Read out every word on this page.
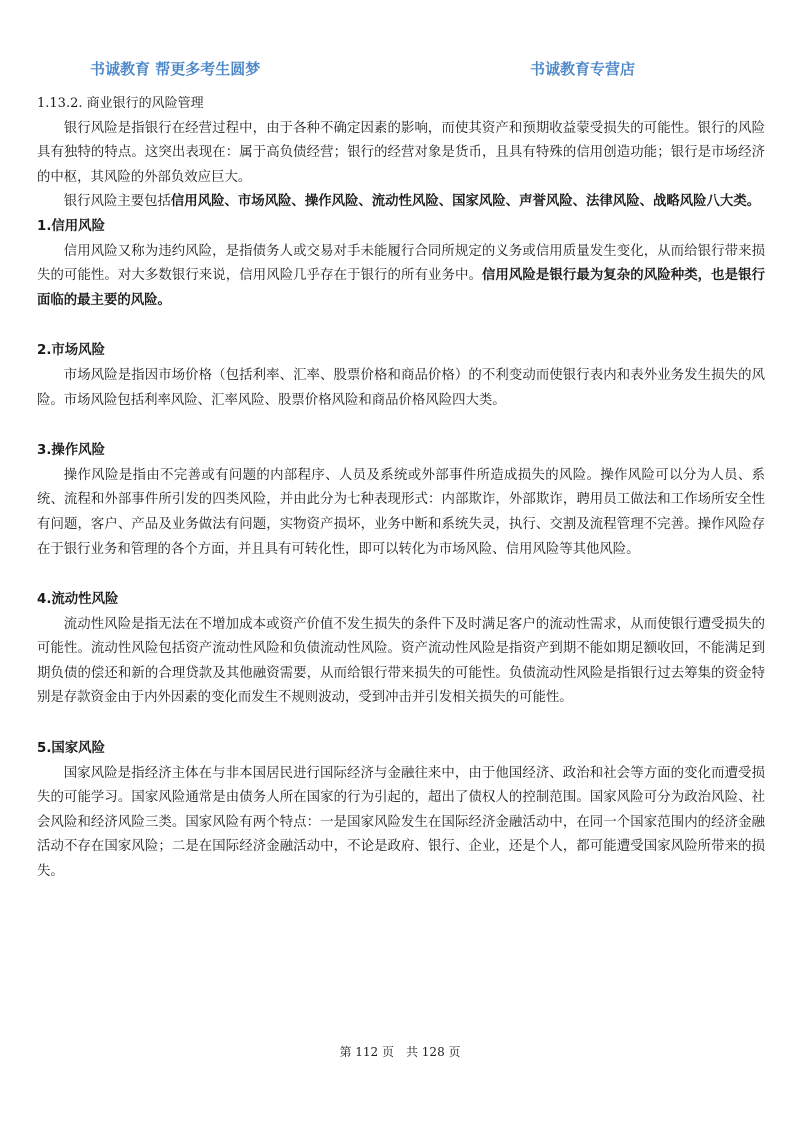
书诚教育 帮更多考生圆梦	书诚教育专营店
1.13.2. 商业银行的风险管理

银行风险是指银行在经营过程中，由于各种不确定因素的影响，而使其资产和预期收益蒙受损失的可能性。银行的风险具有独特的特点。这突出表现在：属于高负债经营；银行的经营对象是货币，且具有特殊的信用创造功能；银行是市场经济的中枢，其风险的外部负效应巨大。

银行风险主要包括信用风险、市场风险、操作风险、流动性风险、国家风险、声誉风险、法律风险、战略风险八大类。

1.信用风险

信用风险又称为违约风险，是指债务人或交易对手未能履行合同所规定的义务或信用质量发生变化，从而给银行带来损失的可能性。对大多数银行来说，信用风险几乎存在于银行的所有业务中。信用风险是银行最为复杂的风险种类，也是银行面临的最主要的风险。

2.市场风险

市场风险是指因市场价格（包括利率、汇率、股票价格和商品价格）的不利变动而使银行表内和表外业务发生损失的风险。市场风险包括利率风险、汇率风险、股票价格风险和商品价格风险四大类。

3.操作风险

操作风险是指由不完善或有问题的内部程序、人员及系统或外部事件所造成损失的风险。操作风险可以分为人员、系统、流程和外部事件所引发的四类风险，并由此分为七种表现形式：内部欺诈，外部欺诈，聘用员工做法和工作场所安全性有问题，客户、产品及业务做法有问题，实物资产损坏，业务中断和系统失灵，执行、交割及流程管理不完善。操作风险存在于银行业务和管理的各个方面，并且具有可转化性，即可以转化为市场风险、信用风险等其他风险。

4.流动性风险

流动性风险是指无法在不增加成本或资产价值不发生损失的条件下及时满足客户的流动性需求，从而使银行遭受损失的可能性。流动性风险包括资产流动性风险和负债流动性风险。资产流动性风险是指资产到期不能如期足额收回，不能满足到期负债的偿还和新的合理贷款及其他融资需要，从而给银行带来损失的可能性。负债流动性风险是指银行过去筹集的资金特别是存款资金由于内外因素的变化而发生不规则波动，受到冲击并引发相关损失的可能性。

5.国家风险

国家风险是指经济主体在与非本国居民进行国际经济与金融往来中，由于他国经济、政治和社会等方面的变化而遭受损失的可能学习。国家风险通常是由债务人所在国家的行为引起的，超出了债权人的控制范围。国家风险可分为政治风险、社会风险和经济风险三类。国家风险有两个特点：一是国家风险发生在国际经济金融活动中，在同一个国家范围内的经济金融活动不存在国家风险；二是在国际经济金融活动中，不论是政府、银行、企业，还是个人，都可能遭受国家风险所带来的损失。

第 112 页　共 128 页
